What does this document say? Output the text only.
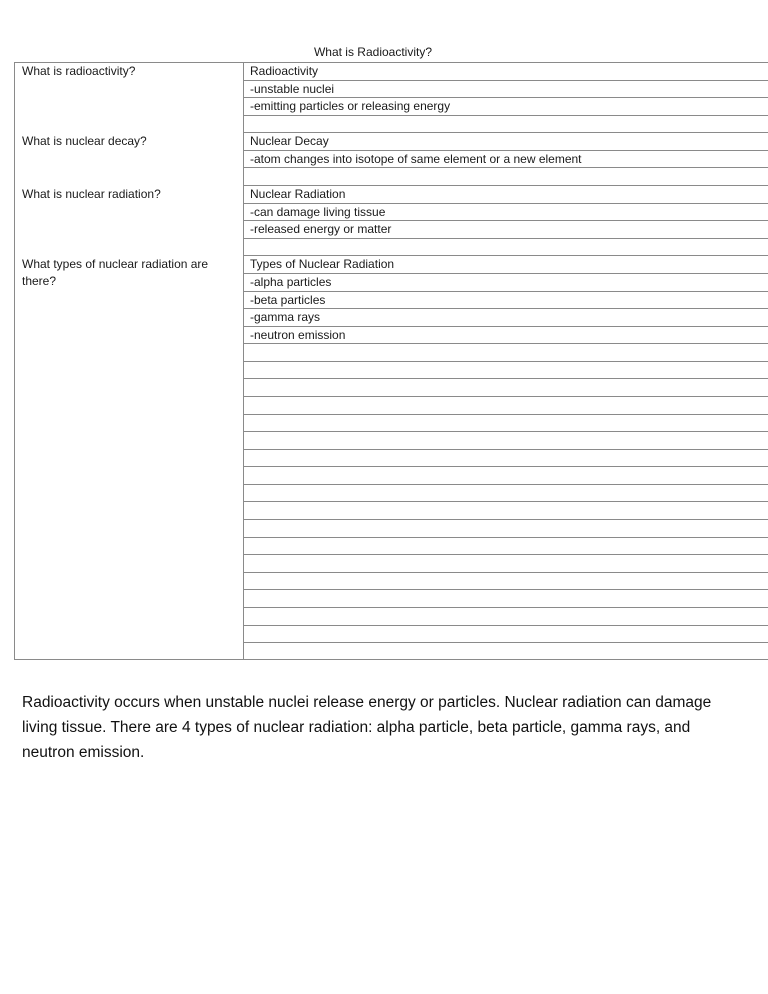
What is Radioactivity?
What is radioactivity?
What is nuclear decay?
What is nuclear radiation?
What types of nuclear radiation are there?
Radioactivity
-unstable nuclei
-emitting particles or releasing energy
Nuclear Decay
-atom changes into isotope of same element or a new element
Nuclear Radiation
-can damage living tissue
-released energy or matter
Types of Nuclear Radiation
-alpha particles
-beta particles
-gamma rays
-neutron emission
Radioactivity occurs when unstable nuclei release energy or particles. Nuclear radiation can damage living tissue. There are 4 types of nuclear radiation: alpha particle, beta particle, gamma rays, and neutron emission.
